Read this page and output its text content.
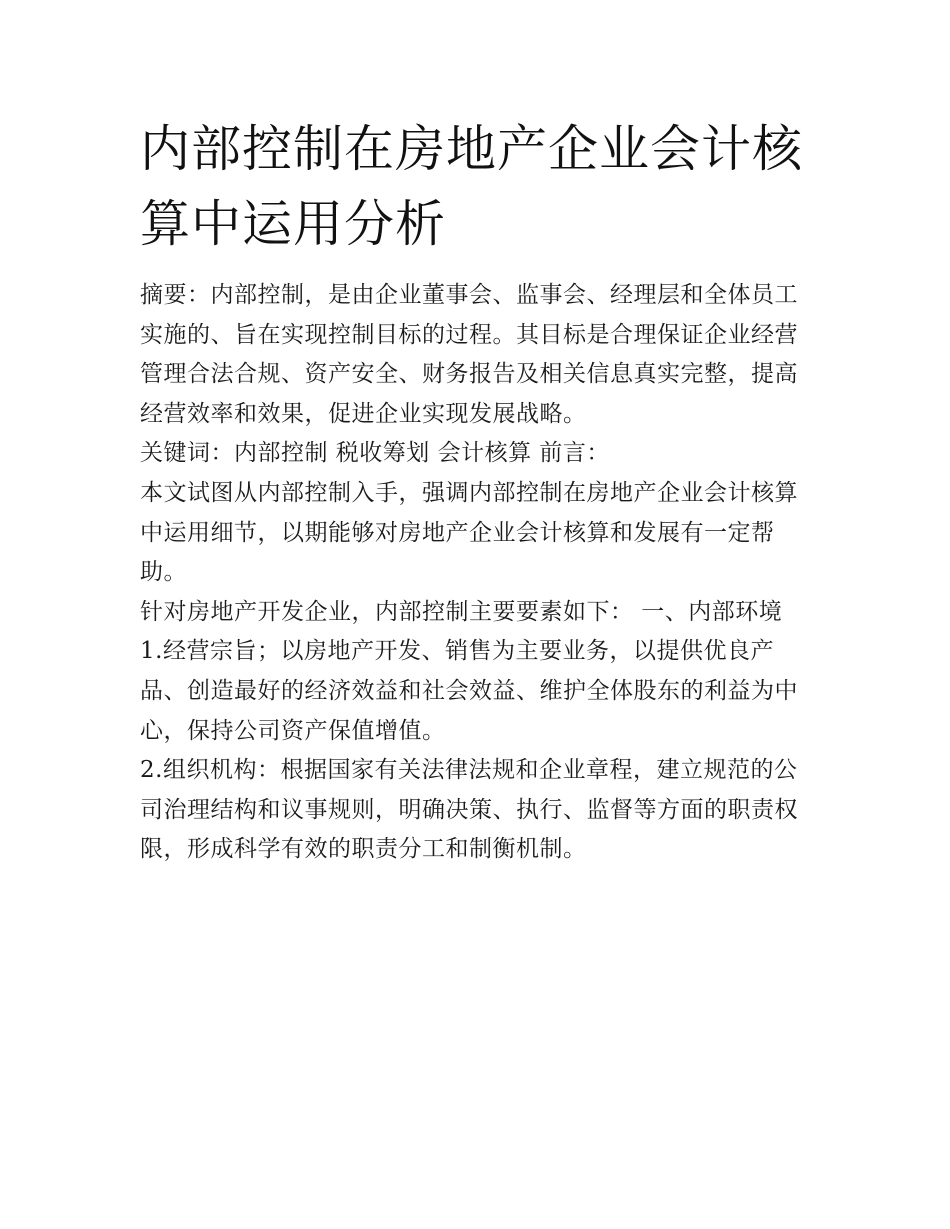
内部控制在房地产企业会计核算中运用分析

摘要：内部控制，是由企业董事会、监事会、经理层和全体员工实施的、旨在实现控制目标的过程。其目标是合理保证企业经营管理合法合规、资产安全、财务报告及相关信息真实完整，提高经营效率和效果，促进企业实现发展战略。

关键词：内部控制 税收筹划 会计核算 前言：

本文试图从内部控制入手，强调内部控制在房地产企业会计核算中运用细节，以期能够对房地产企业会计核算和发展有一定帮助。

针对房地产开发企业，内部控制主要要素如下： 一、内部环境

1.经营宗旨；以房地产开发、销售为主要业务，以提供优良产品、创造最好的经济效益和社会效益、维护全体股东的利益为中心，保持公司资产保值增值。

2.组织机构：根据国家有关法律法规和企业章程，建立规范的公司治理结构和议事规则，明确决策、执行、监督等方面的职责权限，形成科学有效的职责分工和制衡机制。
